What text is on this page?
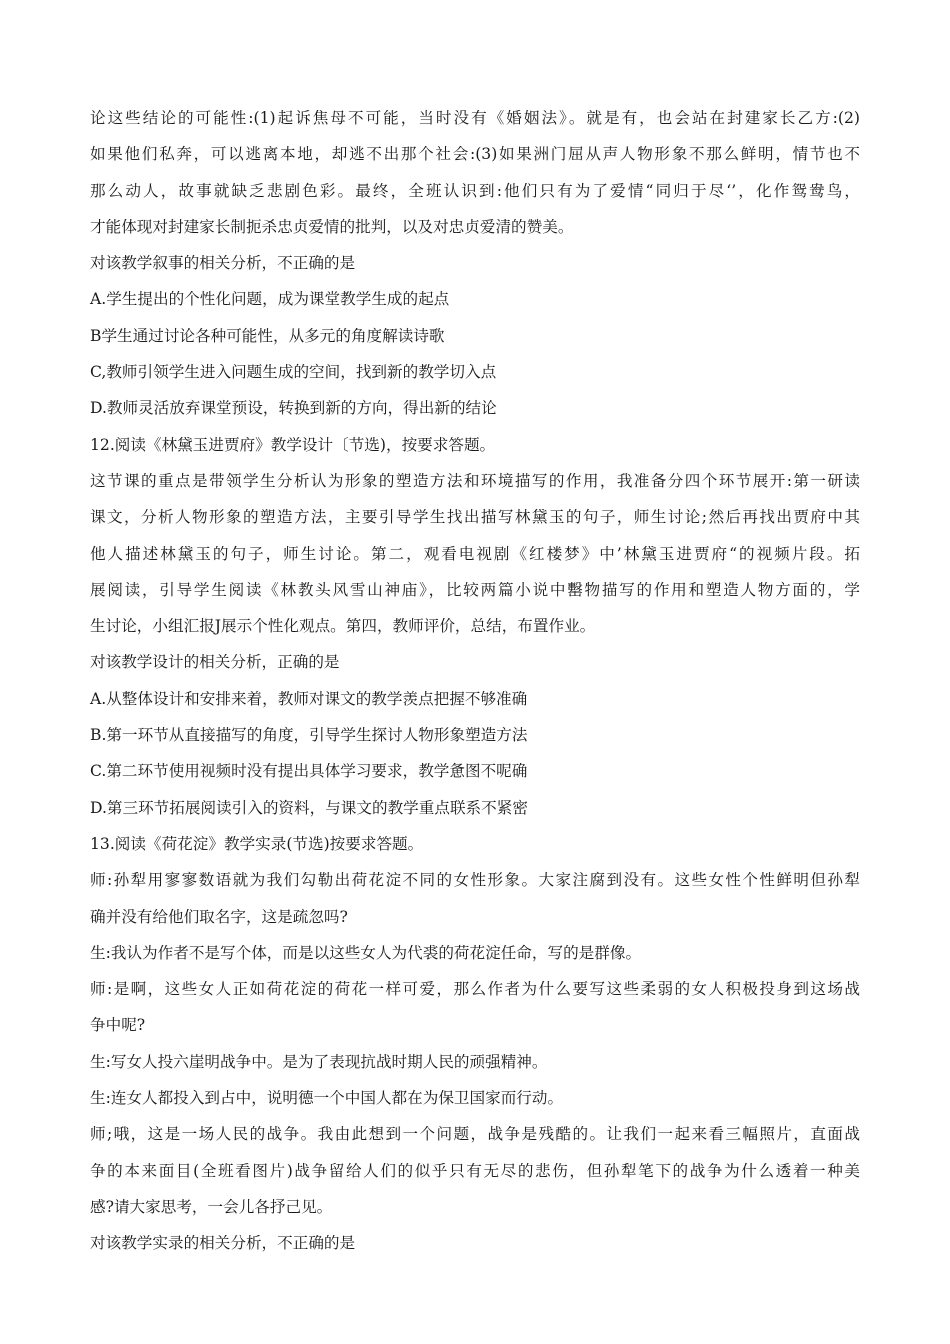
论这些结论的可能性:(1)起诉焦母不可能，当时没有《婚姻法》。就是有，也会站在封建家长乙方:(2)
如果他们私奔，可以逃离本地，却逃不出那个社会:(3)如果洲门屈从声人物形象不那么鲜明，情节也不
那么动人，故事就缺乏悲剧色彩。最终，全班认识到:他们只有为了爱情“同归于尽‘’，化作鸳鸯鸟，
才能体现对封建家长制扼杀忠贞爱情的批判，以及对忠贞爱清的赞美。
对该教学叙事的相关分析，不正确的是
A.学生提出的个性化问题，成为课堂教学生成的起点
B学生通过讨论各种可能性，从多元的角度解读诗歌
C,教师引领学生进入问题生成的空间，找到新的教学切入点
D.教师灵活放弃课堂预设，转换到新的方向，得出新的结论
12.阅读《林黛玉进贾府》教学设计〔节选)，按要求答题。
这节课的重点是带领学生分析认为形象的塑造方法和环境描写的作用，我准备分四个环节展开:第一研读
课文，分析人物形象的塑造方法，主要引导学生找出描写林黛玉的句子，师生讨论;然后再找出贾府中其
他人描述林黛玉的句子，师生讨论。第二，观看电视剧《红楼梦》中’林黛玉进贾府“的视频片段。拓
展阅读，引导学生阅读《林教头风雪山神庙》，比较两篇小说中罊物描写的作用和塑造人物方面的，学
生讨论，小组汇报J展示个性化观点。第四，教师评价，总结，布置作业。
对该教学设计的相关分析，正确的是
A.从整体设计和安排来着，教师对课文的教学羡点把握不够准确
B.第一环节从直接描写的角度，引导学生探讨人物形象塑造方法
C.第二环节使用视频时没有提出具体学习要求，教学惫图不呢确
D.第三环节拓展阅读引入的资料，与课文的教学重点联系不紧密
13.阅读《荷花淀》教学实录(节选)按要求答题。
师:孙犁用寥寥数语就为我们勾勒出荷花淀不同的女性形象。大家注腐到没有。这些女性个性鲜明但孙犁
确并没有给他们取名字，这是疏忽吗?
生:我认为作者不是写个体，而是以这些女人为代裘的荷花淀任命，写的是群像。
师:是啊，这些女人正如荷花淀的荷花一样可爱，那么作者为什么要写这些柔弱的女人积极投身到这场战
争中呢?
生:写女人投六崖明战争中。是为了表现抗战时期人民的顽强精神。
生:连女人都投入到占中，说明德一个中国人都在为保卫国家而行动。
师;哦，这是一场人民的战争。我由此想到一个问题，战争是残酷的。让我们一起来看三幅照片，直面战
争的本来面目(全班看图片)战争留给人们的似乎只有无尽的悲伤，但孙犁笔下的战争为什么透着一种美
感?请大家思考，一会儿各抒己见。
对该教学实录的相关分析，不正确的是
